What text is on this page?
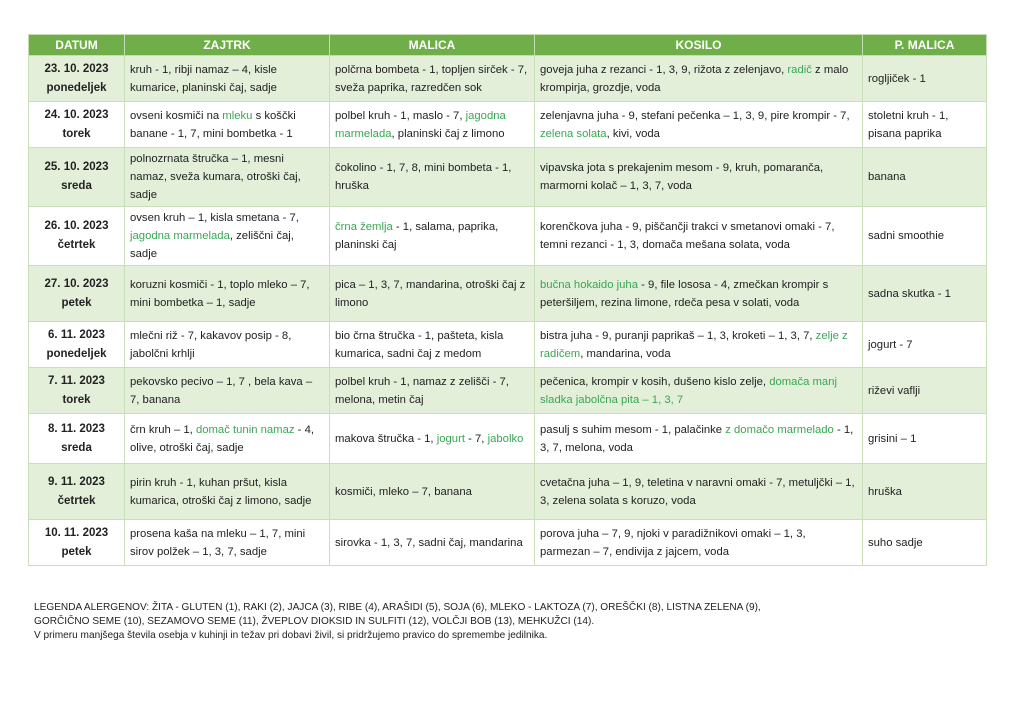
DATUM	ZAJTRK	MALICA	KOSILO	P. MALICA

23. 10. 2023
ponedeljek	kruh - 1, ribji namaz – 4, kisle kumarice, planinski čaj, sadje	polčrna bombeta - 1, topljen sirček - 7, sveža paprika, razredčen sok	goveja juha z rezanci - 1, 3, 9, rižota z zelenjavo, radič z malo krompirja, grozdje, voda	rogljiček - 1

24. 10. 2023
torek	ovseni kosmiči na mleku s koščki banane - 1, 7, mini bombetka - 1	polbel kruh - 1, maslo - 7, jagodna marmelada, planinski čaj z limono	zelenjavna juha - 9, stefani pečenka – 1, 3, 9, pire krompir - 7, zelena solata, kivi, voda	stoletni kruh - 1, pisana paprika

25. 10. 2023
sreda	polnozrnata štručka – 1, mesni namaz, sveža kumara, otroški čaj, sadje	čokolino - 1, 7, 8, mini bombeta - 1, hruška	vipavska jota s prekajenim mesom - 9, kruh, pomaranča, marmorni kolač – 1, 3, 7, voda	banana

26. 10. 2023
četrtek	ovsen kruh – 1, kisla smetana - 7, jagodna marmelada, zeliščni čaj, sadje	črna žemlja - 1, salama, paprika, planinski čaj	korenčkova juha - 9, piščančji trakci v smetanovi omaki - 7, temni rezanci - 1, 3, domača mešana solata, voda	sadni smoothie

27. 10. 2023
petek	koruzni kosmiči - 1, toplo mleko – 7, mini bombetka – 1, sadje	pica – 1, 3, 7, mandarina, otroški čaj z limono	bučna hokaido juha - 9, file lososa - 4, zmečkan krompir s peteršiljem, rezina limone, rdeča pesa v solati, voda	sadna skutka - 1

6. 11. 2023
ponedeljek	mlečni riž - 7, kakavov posip - 8, jabolčni krhlji	bio črna štručka - 1, pašteta, kisla kumarica, sadni čaj z medom	bistra juha - 9, puranji paprikaš – 1, 3, kroketi – 1, 3, 7, zelje z radičem, mandarina, voda	jogurt - 7

7. 11. 2023
torek	pekovsko pecivo – 1, 7 , bela kava – 7, banana	polbel kruh - 1, namaz z zelišči - 7, melona, metin čaj	pečenica, krompir v kosih, dušeno kislo zelje, domača manj sladka jabolčna pita – 1, 3, 7	riževi vaflji

8. 11. 2023
sreda	črn kruh – 1, domač tunin namaz - 4, olive, otroški čaj, sadje	makova štručka - 1, jogurt - 7, jabolko	pasulj s suhim mesom - 1, palačinke z domačo marmelado - 1, 3, 7, melona, voda	grisini – 1

9. 11. 2023
četrtek	pirin kruh - 1, kuhan pršut, kisla kumarica, otroški čaj z limono, sadje	kosmiči, mleko – 7, banana	cvetačna juha – 1, 9, teletina v naravni omaki - 7, metuljčki – 1, 3, zelena solata s koruzo, voda	hruška

10. 11. 2023
petek	prosena kaša na mleku – 1, 7, mini sirov polžek – 1, 3, 7, sadje	sirovka - 1, 3, 7, sadni čaj, mandarina	porova juha – 7, 9, njoki v paradižnikovi omaki – 1, 3, parmezan – 7, endivija z jajcem, voda	suho sadje
LEGENDA ALERGENOV: ŽITA - GLUTEN (1), RAKI (2), JAJCA (3), RIBE (4), ARAŠIDI (5), SOJA (6), MLEKO - LAKTOZA (7), OREŠČKI (8), LISTNA ZELENA (9),
GORČIČNO SEME (10), SEZAMOVO SEME (11), ŽVEPLOV DIOKSID IN SULFITI (12), VOLČJI BOB (13), MEHKUŽCI (14).
V primeru manjšega števila osebja v kuhinji in težav pri dobavi živil, si pridržujemo pravico do spremembe jedilnika.
